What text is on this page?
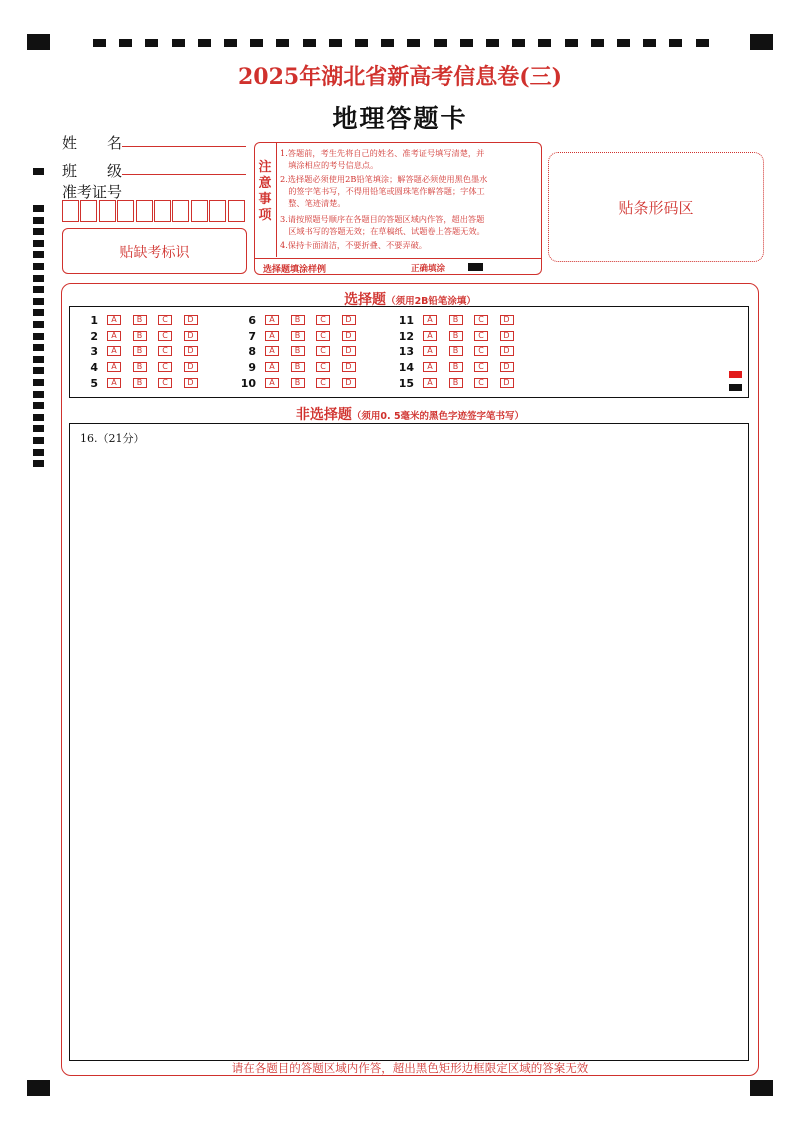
2025年湖北省新高考信息卷(三)
地理答题卡
姓　　名
班　　级
准考证号
贴缺考标识
注
意
事
项
1.答题前，考生先将自己的姓名、准考证号填写清楚，并
　填涂相应的考号信息点。
2.选择题必须使用2B铅笔填涂；解答题必须使用黑色墨水
　的签字笔书写，不得用铅笔或圆珠笔作解答题；字体工
　整、笔迹清楚。
3.请按照题号顺序在各题目的答题区域内作答，超出答题
　区域书写的答题无效；在草稿纸、试题卷上答题无效。
4.保持卡面清洁，不要折叠、不要弄破。
选择题填涂样例	正确填涂
贴条形码区
选择题（须用2B铅笔涂填）
1	A	B	C	D
2	A	B	C	D
3	A	B	C	D
4	A	B	C	D
5	A	B	C	D
6	A	B	C	D
7	A	B	C	D
8	A	B	C	D
9	A	B	C	D
10	A	B	C	D
11	A	B	C	D
12	A	B	C	D
13	A	B	C	D
14	A	B	C	D
15	A	B	C	D
非选择题（须用0. 5毫米的黑色字迹签字笔书写）
16.（21分）
请在各题目的答题区域内作答，超出黑色矩形边框限定区域的答案无效
